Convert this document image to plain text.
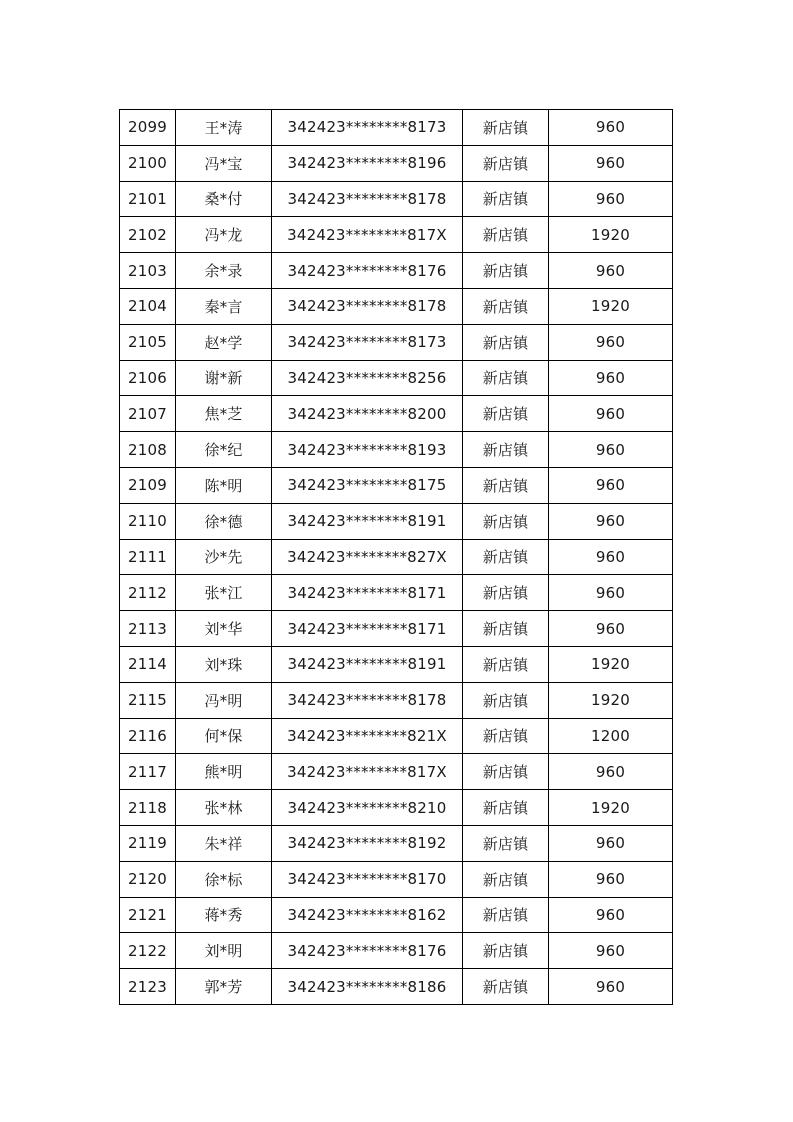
2099	王*涛	342423********8173	新店镇	960
2100	冯*宝	342423********8196	新店镇	960
2101	桑*付	342423********8178	新店镇	960
2102	冯*龙	342423********817X	新店镇	1920
2103	余*录	342423********8176	新店镇	960
2104	秦*言	342423********8178	新店镇	1920
2105	赵*学	342423********8173	新店镇	960
2106	谢*新	342423********8256	新店镇	960
2107	焦*芝	342423********8200	新店镇	960
2108	徐*纪	342423********8193	新店镇	960
2109	陈*明	342423********8175	新店镇	960
2110	徐*德	342423********8191	新店镇	960
2111	沙*先	342423********827X	新店镇	960
2112	张*江	342423********8171	新店镇	960
2113	刘*华	342423********8171	新店镇	960
2114	刘*珠	342423********8191	新店镇	1920
2115	冯*明	342423********8178	新店镇	1920
2116	何*保	342423********821X	新店镇	1200
2117	熊*明	342423********817X	新店镇	960
2118	张*林	342423********8210	新店镇	1920
2119	朱*祥	342423********8192	新店镇	960
2120	徐*标	342423********8170	新店镇	960
2121	蒋*秀	342423********8162	新店镇	960
2122	刘*明	342423********8176	新店镇	960
2123	郭*芳	342423********8186	新店镇	960
